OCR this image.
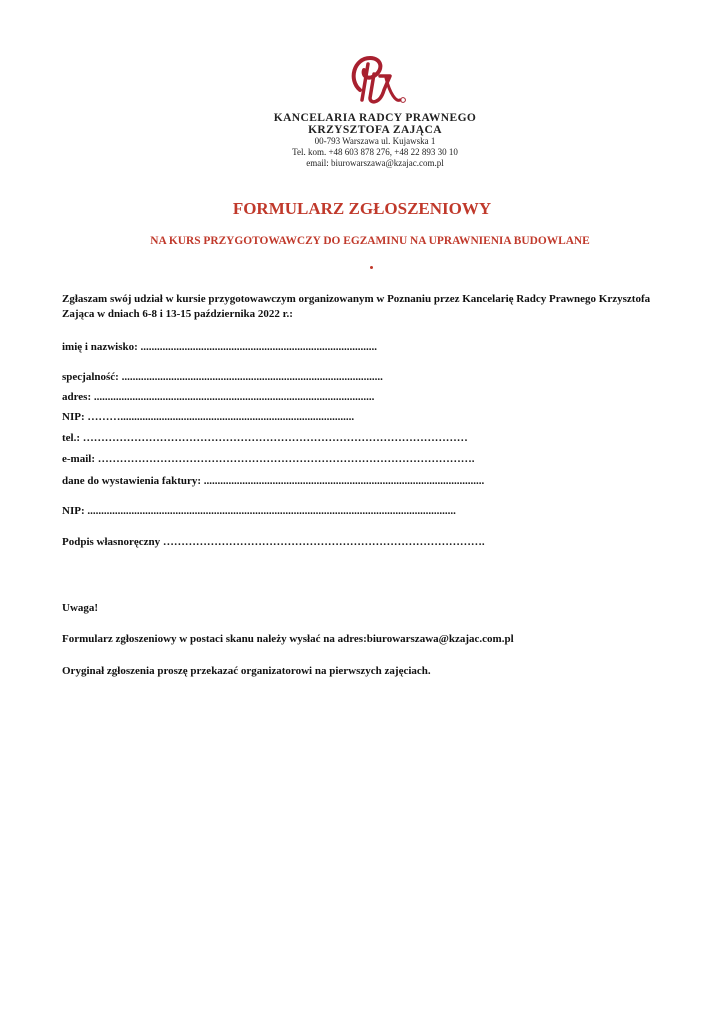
KANCELARIA RADCY PRAWNEGO
KRZYSZTOFA ZAJĄCA
00-793 Warszawa ul. Kujawska 1
Tel. kom. +48 603 878 276, +48 22 893 30 10
email: biurowarszawa@kzajac.com.pl
FORMULARZ ZGŁOSZENIOWY
NA KURS PRZYGOTOWAWCZY DO EGZAMINU NA UPRAWNIENIA BUDOWLANE
Zgłaszam swój udział w kursie przygotowawczym organizowanym w Poznaniu przez Kancelarię Radcy Prawnego Krzysztofa Zająca w dniach 6-8 i 13-15 października 2022 r.:
imię i nazwisko: ......................................................................................
specjalność: ...............................................................................................
adres: ......................................................................................................
NIP: ……….....................................................................................
tel.: ……………………………………………………………………………………………
e-mail: ………………………………………………………………………………………….
dane do wystawienia faktury: ......................................................................................................
NIP: ......................................................................................................................................
Podpis własnoręczny …………………………………………………………………………….
Uwaga!
Formularz zgłoszeniowy w postaci skanu należy wysłać na adres:biurowarszawa@kzajac.com.pl
Oryginał zgłoszenia proszę przekazać organizatorowi na pierwszych zajęciach.
